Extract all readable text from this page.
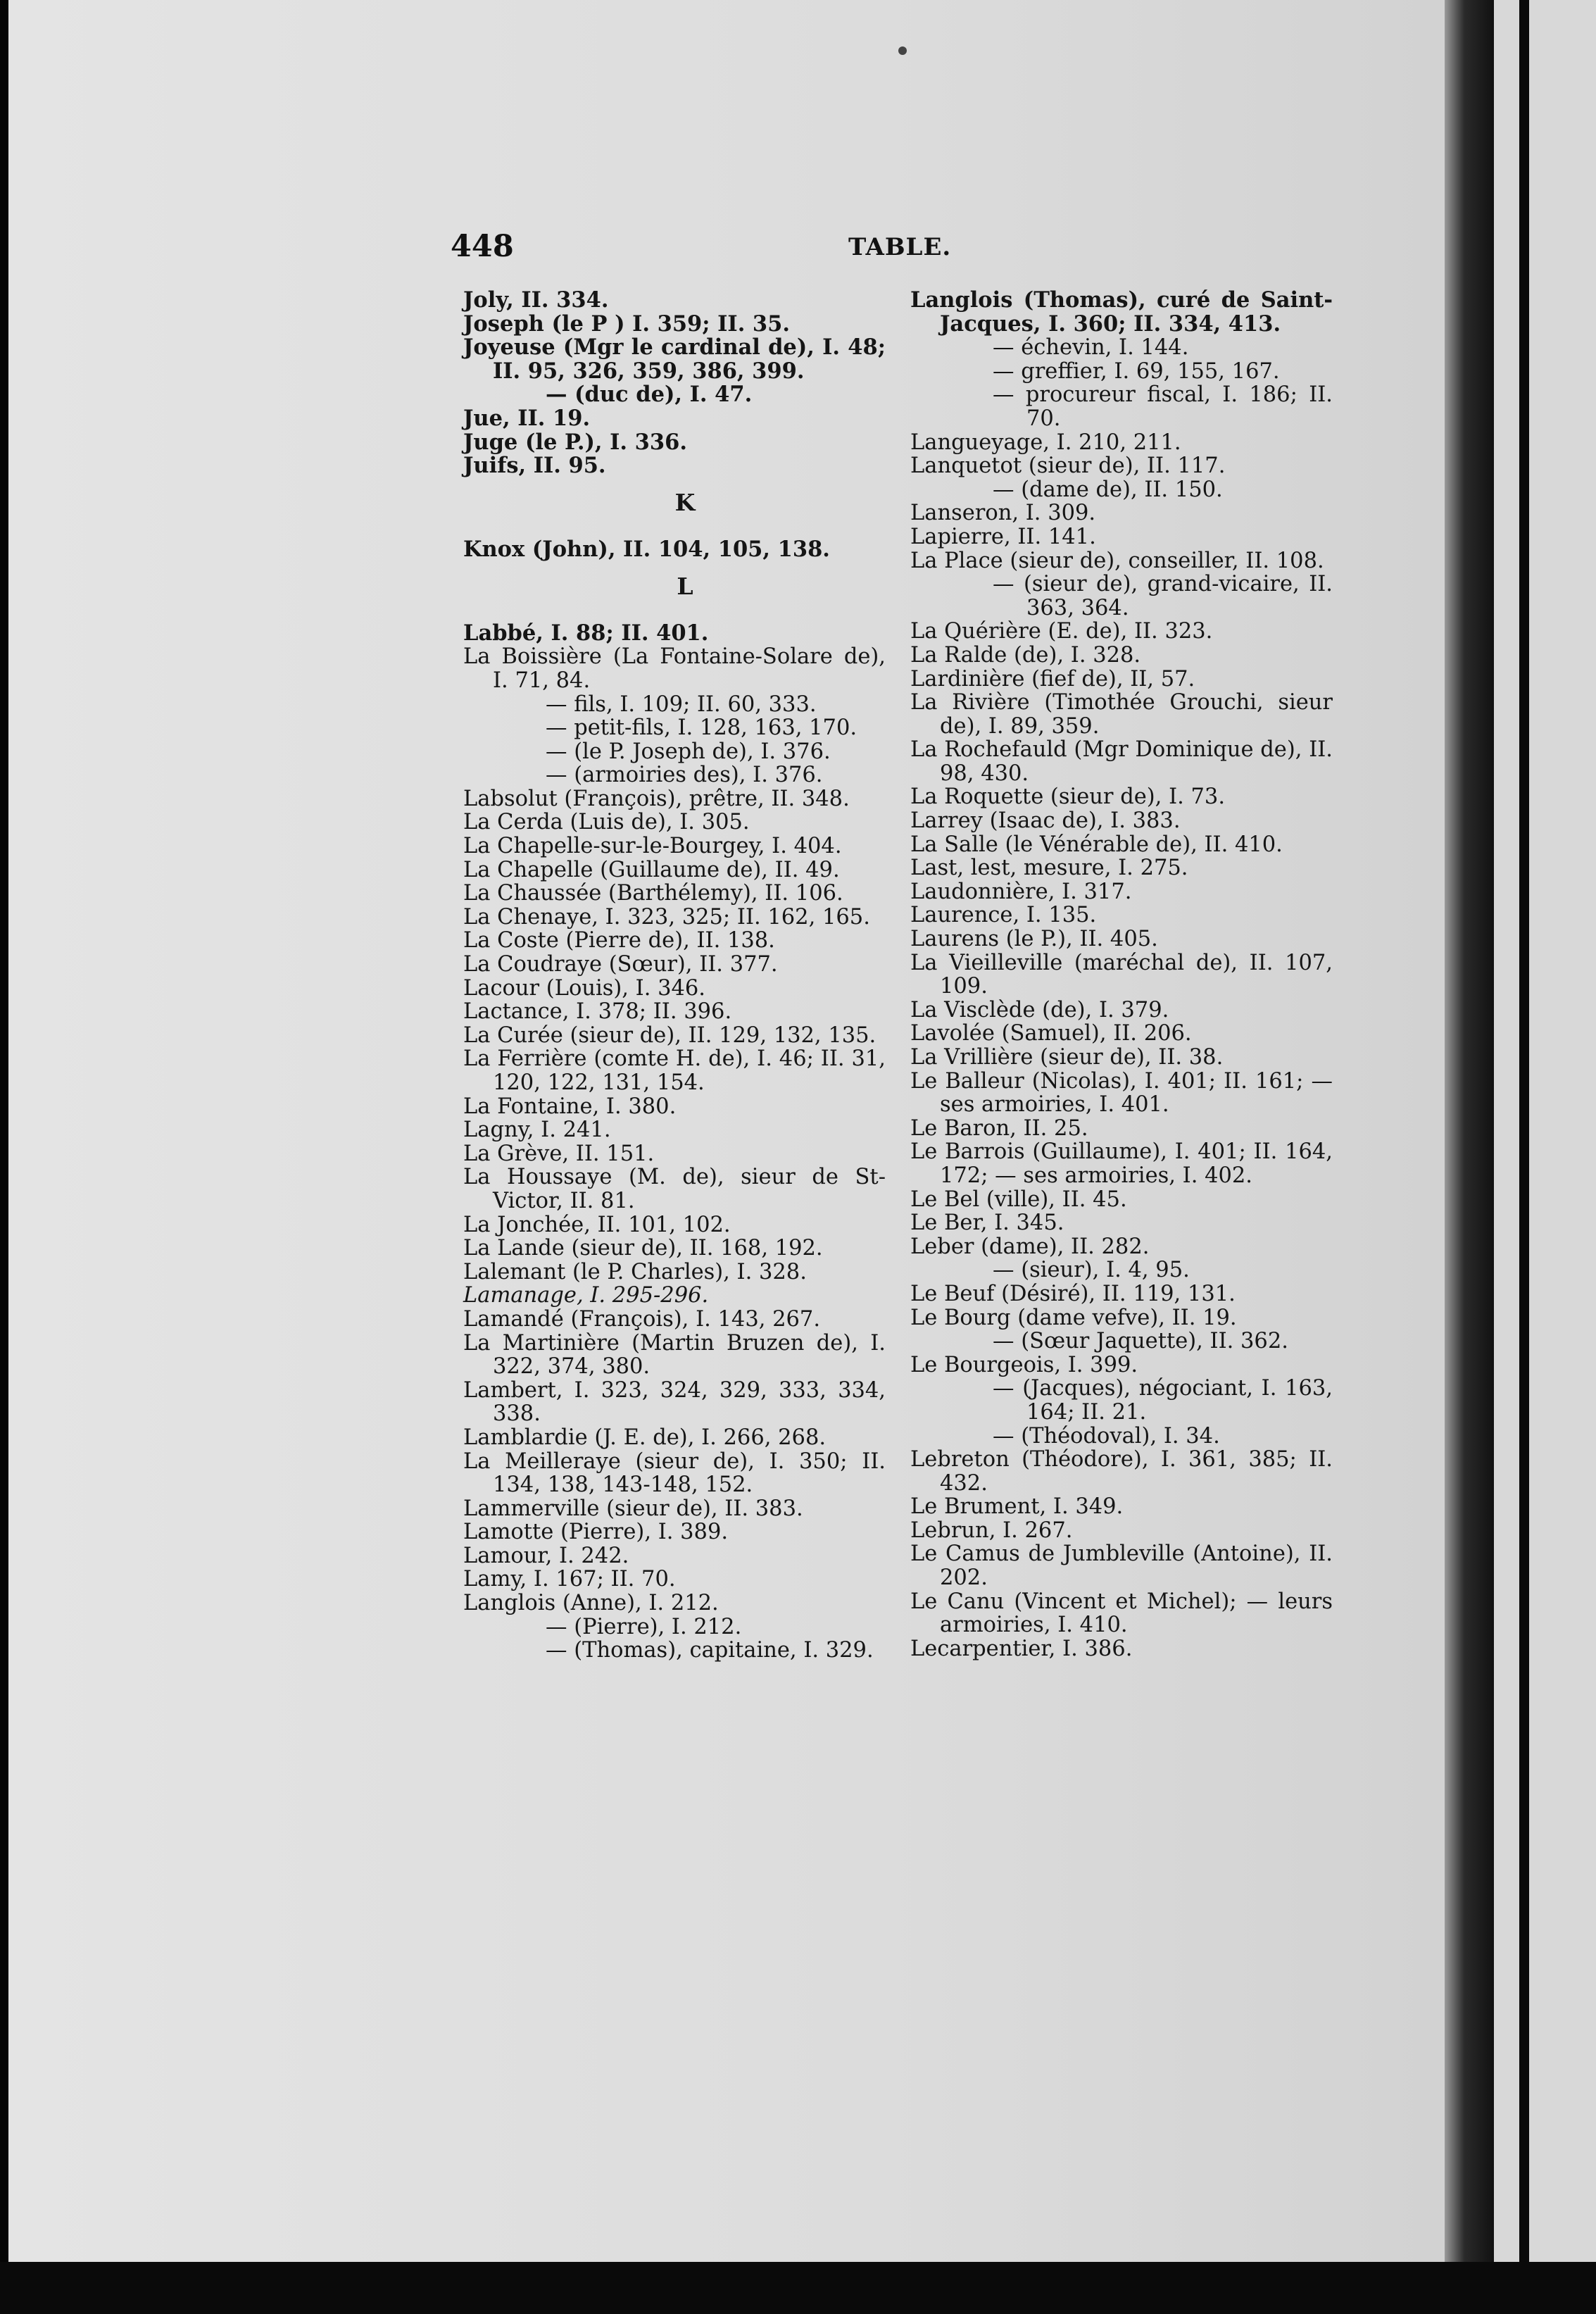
448	TABLE.
Joly, II. 334.
Joseph (le P ) I. 359; II. 35.
Joyeuse (Mgr le cardinal de), I. 48; II. 95, 326, 359, 386, 399.
— (duc de), I. 47.
Jue, II. 19.
Juge (le P.), I. 336.
Juifs, II. 95.
K
Knox (John), II. 104, 105, 138.
L
Labbé, I. 88; II. 401.
La Boissière (La Fontaine-Solare de), I. 71, 84.
— fils, I. 109; II. 60, 333.
— petit-fils, I. 128, 163, 170.
— (le P. Joseph de), I. 376.
— (armoiries des), I. 376.
Labsolut (François), prêtre, II. 348.
La Cerda (Luis de), I. 305.
La Chapelle-sur-le-Bourgey, I. 404.
La Chapelle (Guillaume de), II. 49.
La Chaussée (Barthélemy), II. 106.
La Chenaye, I. 323, 325; II. 162, 165.
La Coste (Pierre de), II. 138.
La Coudraye (Sœur), II. 377.
Lacour (Louis), I. 346.
Lactance, I. 378; II. 396.
La Curée (sieur de), II. 129, 132, 135.
La Ferrière (comte H. de), I. 46; II. 31, 120, 122, 131, 154.
La Fontaine, I. 380.
Lagny, I. 241.
La Grève, II. 151.
La Houssaye (M. de), sieur de St-Victor, II. 81.
La Jonchée, II. 101, 102.
La Lande (sieur de), II. 168, 192.
Lalemant (le P. Charles), I. 328.
Lamanage, I. 295-296.
Lamandé (François), I. 143, 267.
La Martinière (Martin Bruzen de), I. 322, 374, 380.
Lambert, I. 323, 324, 329, 333, 334, 338.
Lamblardie (J. E. de), I. 266, 268.
La Meilleraye (sieur de), I. 350; II. 134, 138, 143-148, 152.
Lammerville (sieur de), II. 383.
Lamotte (Pierre), I. 389.
Lamour, I. 242.
Lamy, I. 167; II. 70.
Langlois (Anne), I. 212.
— (Pierre), I. 212.
— (Thomas), capitaine, I. 329.
Langlois (Thomas), curé de Saint-Jacques, I. 360; II. 334, 413.
— échevin, I. 144.
— greffier, I. 69, 155, 167.
— procureur fiscal, I. 186; II. 70.
Langueyage, I. 210, 211.
Lanquetot (sieur de), II. 117.
— (dame de), II. 150.
Lanseron, I. 309.
Lapierre, II. 141.
La Place (sieur de), conseiller, II. 108.
— (sieur de), grand-vicaire, II. 363, 364.
La Quérière (E. de), II. 323.
La Ralde (de), I. 328.
Lardinière (fief de), II, 57.
La Rivière (Timothée Grouchi, sieur de), I. 89, 359.
La Rochefauld (Mgr Dominique de), II. 98, 430.
La Roquette (sieur de), I. 73.
Larrey (Isaac de), I. 383.
La Salle (le Vénérable de), II. 410.
Last, lest, mesure, I. 275.
Laudonnière, I. 317.
Laurence, I. 135.
Laurens (le P.), II. 405.
La Vieilleville (maréchal de), II. 107, 109.
La Visclède (de), I. 379.
Lavolée (Samuel), II. 206.
La Vrillière (sieur de), II. 38.
Le Balleur (Nicolas), I. 401; II. 161; — ses armoiries, I. 401.
Le Baron, II. 25.
Le Barrois (Guillaume), I. 401; II. 164, 172; — ses armoiries, I. 402.
Le Bel (ville), II. 45.
Le Ber, I. 345.
Leber (dame), II. 282.
— (sieur), I. 4, 95.
Le Beuf (Désiré), II. 119, 131.
Le Bourg (dame vefve), II. 19.
— (Sœur Jaquette), II. 362.
Le Bourgeois, I. 399.
— (Jacques), négociant, I. 163, 164; II. 21.
— (Théodoval), I. 34.
Lebreton (Théodore), I. 361, 385; II. 432.
Le Brument, I. 349.
Lebrun, I. 267.
Le Camus de Jumbleville (Antoine), II. 202.
Le Canu (Vincent et Michel); — leurs armoiries, I. 410.
Lecarpentier, I. 386.
